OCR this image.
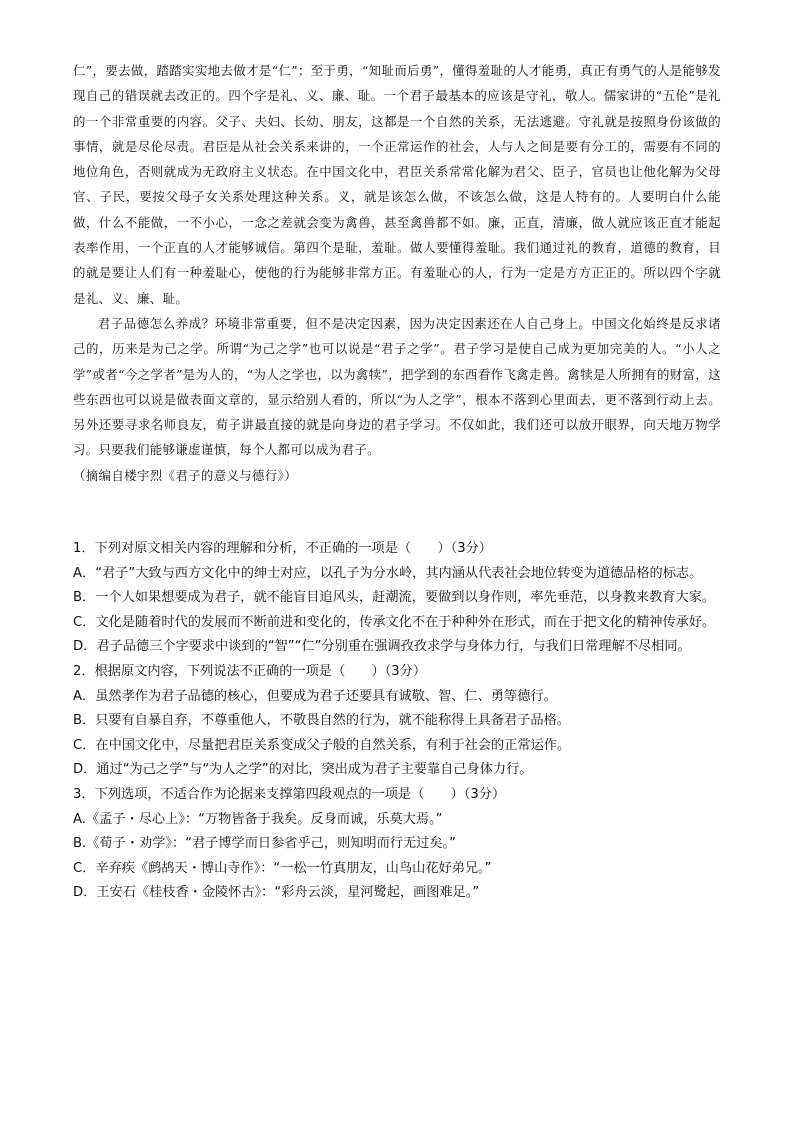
仁”，要去做，踏踏实实地去做才是“仁”；至于勇，“知耻而后勇”，懂得羞耻的人才能勇，真正有勇气的人是能够发现自己的错误就去改正的。四个字是礼、义、廉、耻。一个君子最基本的应该是守礼，敬人。儒家讲的“五伦”是礼的一个非常重要的内容。父子、夫妇、长幼、朋友，这都是一个自然的关系，无法逃避。守礼就是按照身份该做的事情，就是尽伦尽责。君臣是从社会关系来讲的，一个正常运作的社会，人与人之间是要有分工的，需要有不同的地位角色，否则就成为无政府主义状态。在中国文化中，君臣关系常常化解为君父、臣子，官员也让他化解为父母官、子民，要按父母子女关系处理这种关系。义，就是该怎么做，不该怎么做，这是人特有的。人要明白什么能做，什么不能做，一不小心，一念之差就会变为禽兽，甚至禽兽都不如。廉，正直，清廉，做人就应该正直才能起表率作用，一个正直的人才能够诚信。第四个是耻，羞耻。做人要懂得羞耻。我们通过礼的教育，道德的教育，目的就是要让人们有一种羞耻心，使他的行为能够非常方正。有羞耻心的人，行为一定是方方正正的。所以四个字就是礼、义、廉、耻。

君子品德怎么养成？环境非常重要，但不是决定因素，因为决定因素还在人自己身上。中国文化始终是反求诸己的，历来是为己之学。所谓“为己之学”也可以说是“君子之学”。君子学习是使自己成为更加完美的人。“小人之学”或者“今之学者”是为人的，“为人之学也，以为禽犊”，把学到的东西看作飞禽走兽。禽犊是人所拥有的财富，这些东西也可以说是做表面文章的，显示给别人看的，所以“为人之学”，根本不落到心里面去，更不落到行动上去。另外还要寻求名师良友，荀子讲最直接的就是向身边的君子学习。不仅如此，我们还可以放开眼界，向天地万物学习。只要我们能够谦虚谨慎，每个人都可以成为君子。

（摘编自楼宇烈《君子的意义与德行》）

1．下列对原文相关内容的理解和分析，不正确的一项是（　　）（3分）

A．“君子”大致与西方文化中的绅士对应，以孔子为分水岭，其内涵从代表社会地位转变为道德品格的标志。

B．一个人如果想要成为君子，就不能盲目追风头，赶潮流，要做到以身作则，率先垂范，以身教来教育大家。

C．文化是随着时代的发展而不断前进和变化的，传承文化不在于种种外在形式，而在于把文化的精神传承好。

D．君子品德三个字要求中谈到的“智”“仁”分别重在强调孜孜求学与身体力行，与我们日常理解不尽相同。

2．根据原文内容，下列说法不正确的一项是（　　）（3分）

A．虽然孝作为君子品德的核心，但要成为君子还要具有诚敬、智、仁、勇等德行。

B．只要有自暴自弃，不尊重他人，不敬畏自然的行为，就不能称得上具备君子品格。

C．在中国文化中，尽量把君臣关系变成父子般的自然关系，有利于社会的正常运作。

D．通过“为己之学”与“为人之学”的对比，突出成为君子主要靠自己身体力行。

3．下列选项，不适合作为论据来支撑第四段观点的一项是（　　）（3分）

A.《孟子・尽心上》：“万物皆备于我矣。反身而诚，乐莫大焉。”

B.《荀子・劝学》：“君子博学而日参省乎己，则知明而行无过矣。”

C．辛弃疾《鹧鸪天・博山寺作》：“一松一竹真朋友，山鸟山花好弟兄。”

D．王安石《桂枝香・金陵怀古》：“彩舟云淡，星河鹭起，画图难足。”
